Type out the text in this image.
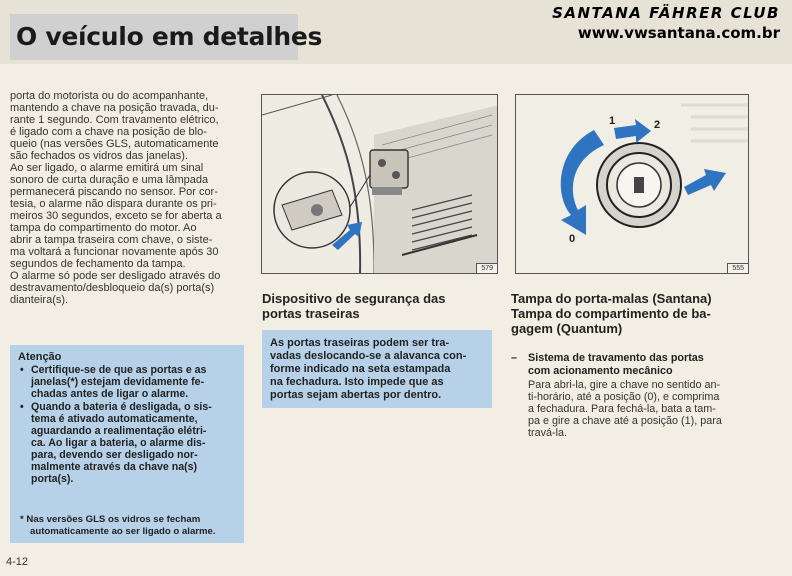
O veículo em detalhes
SANTANA FÄHRER CLUB
www.vwsantana.com.br
porta do motorista ou do acompanhante,
mantendo a chave na posição travada, du-
rante 1 segundo. Com travamento elétrico,
é ligado com a chave na posição de blo-
queio (nas versões GLS, automaticamente
são fechados os vidros das janelas).
Ao ser ligado, o alarme emitirá um sinal
sonoro de curta duração e uma lâmpada
permanecerá piscando no sensor. Por cor-
tesia, o alarme não dispara durante os pri-
meiros 30 segundos, exceto se for aberta a
tampa do compartimento do motor. Ao
abrir a tampa traseira com chave, o siste-
ma voltará a funcionar novamente após 30
segundos de fechamento da tampa.
O alarme só pode ser desligado através do
destravamento/desbloqueio da(s) porta(s)
dianteira(s).
Atenção
• Certifique-se de que as portas e as
janelas(*) estejam devidamente fe-
chadas antes de ligar o alarme.
• Quando a bateria é desligada, o sis-
tema é ativado automaticamente,
aguardando a realimentação elétri-
ca. Ao ligar a bateria, o alarme dis-
para, devendo ser desligado nor-
malmente através da chave na(s)
porta(s).
* Nas versões GLS os vidros se fecham
automaticamente ao ser ligado o alarme.
4-12
579
1	2
0
555
Dispositivo de segurança das
portas traseiras
As portas traseiras podem ser tra-
vadas deslocando-se a alavanca con-
forme indicado na seta estampada
na fechadura. Isto impede que as
portas sejam abertas por dentro.
Tampa do porta-malas (Santana)
Tampa do compartimento de ba-
gagem (Quantum)
– Sistema de travamento das portas
com acionamento mecânico
Para abri-la, gire a chave no sentido an-
ti-horário, até a posição (0), e comprima
a fechadura. Para fechá-la, bata a tam-
pa e gire a chave até a posição (1), para
travá-la.
